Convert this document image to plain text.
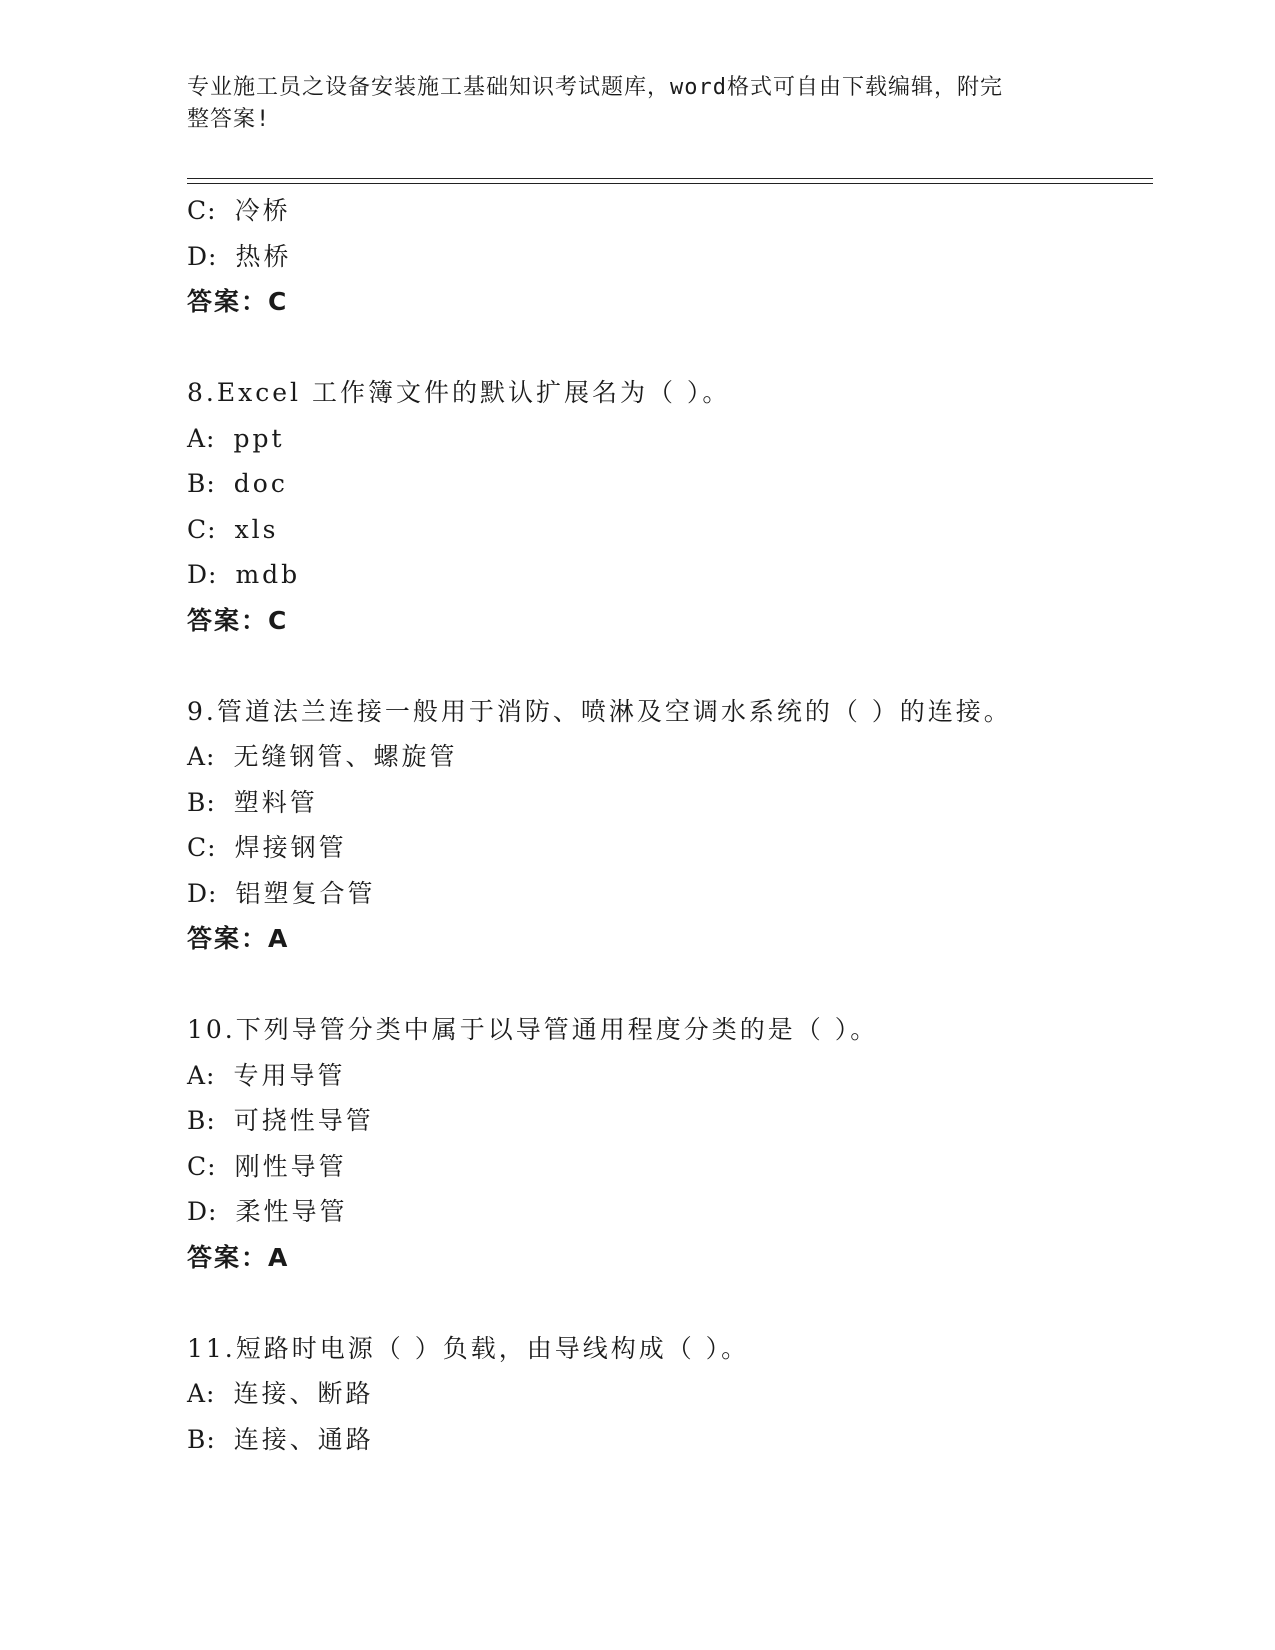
专业施工员之设备安装施工基础知识考试题库，word格式可自由下载编辑，附完
整答案!
C: 冷桥
D: 热桥
答案：C
8.Excel 工作簿文件的默认扩展名为（ ）。
A: ppt
B: doc
C: xls
D: mdb
答案：C
9.管道法兰连接一般用于消防、喷淋及空调水系统的（ ）的连接。
A: 无缝钢管、螺旋管
B: 塑料管
C: 焊接钢管
D: 铝塑复合管
答案：A
10.下列导管分类中属于以导管通用程度分类的是（ ）。
A: 专用导管
B: 可挠性导管
C: 刚性导管
D: 柔性导管
答案：A
11.短路时电源（ ）负载，由导线构成（ ）。
A: 连接、断路
B: 连接、通路
